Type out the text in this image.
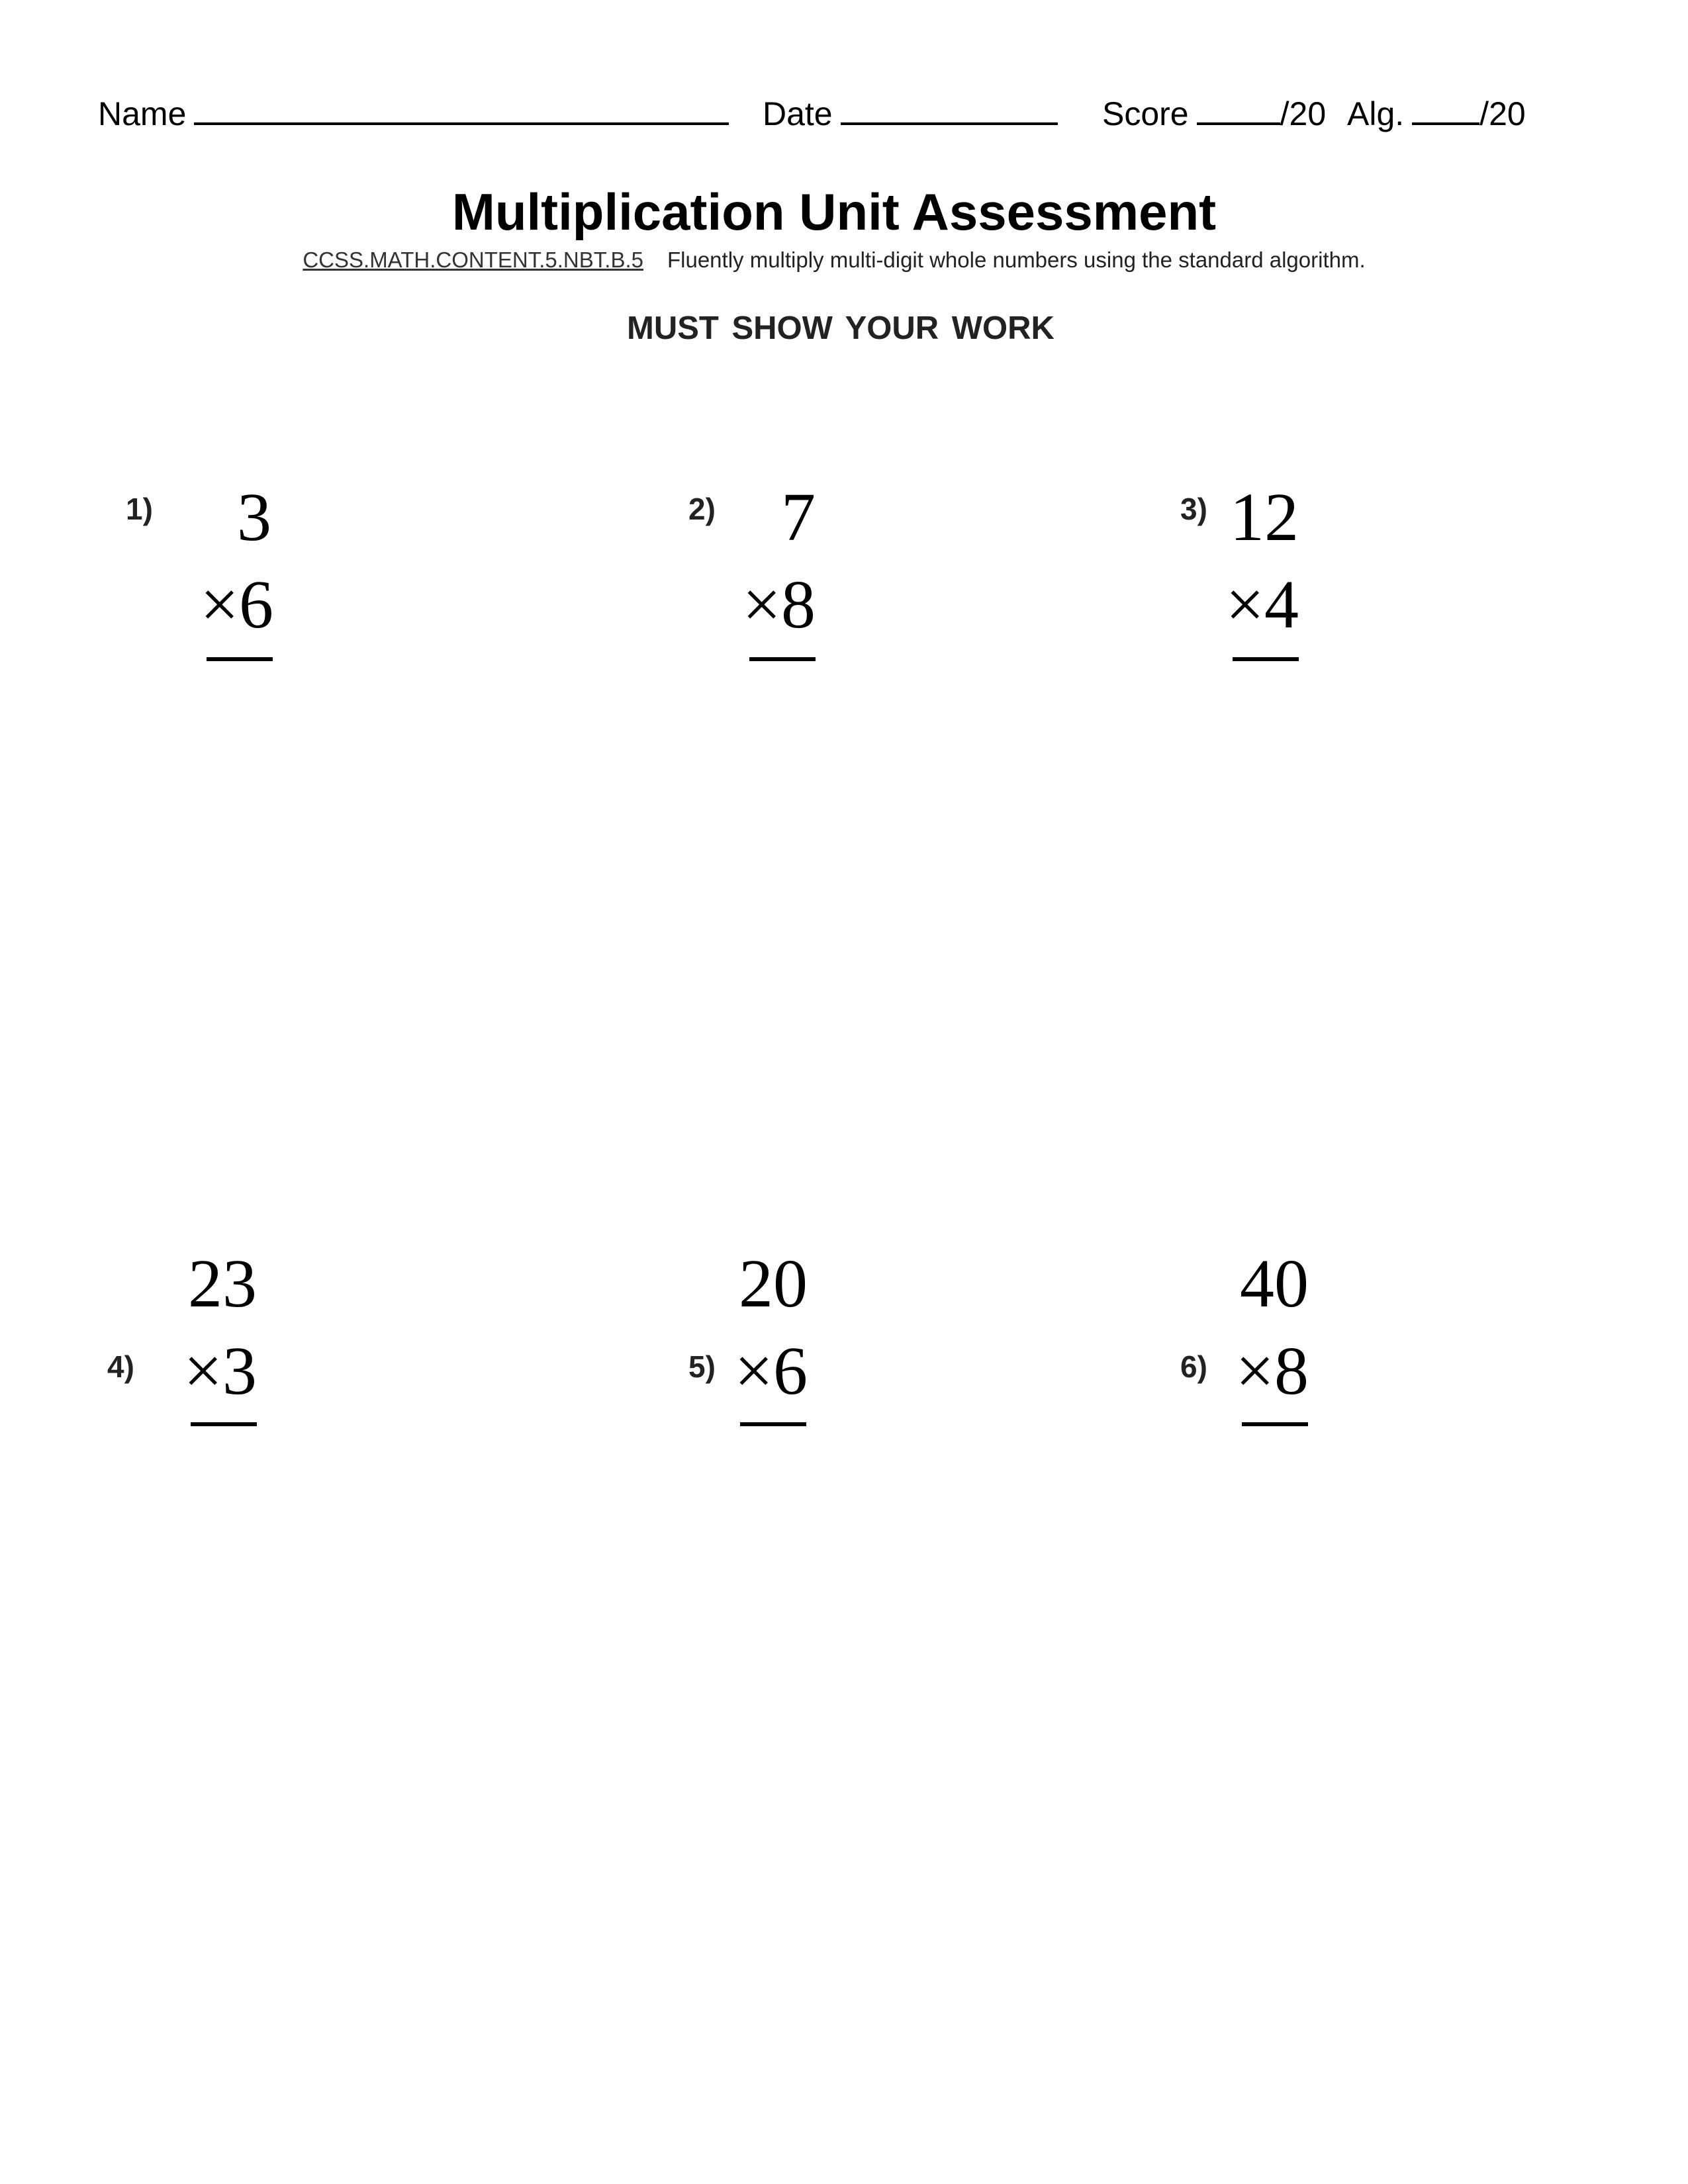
Name	Date	Score	/20 Alg. /20
Multiplication Unit Assessment
CCSS.MATH.CONTENT.5.NBT.B.5 Fluently multiply multi-digit whole numbers using the standard algorithm.
MUST SHOW YOUR WORK
1)	3
×6
2) 7
×8
3) 12
×4
4)
23
×3	5)
20
×6	6)
40
×8
